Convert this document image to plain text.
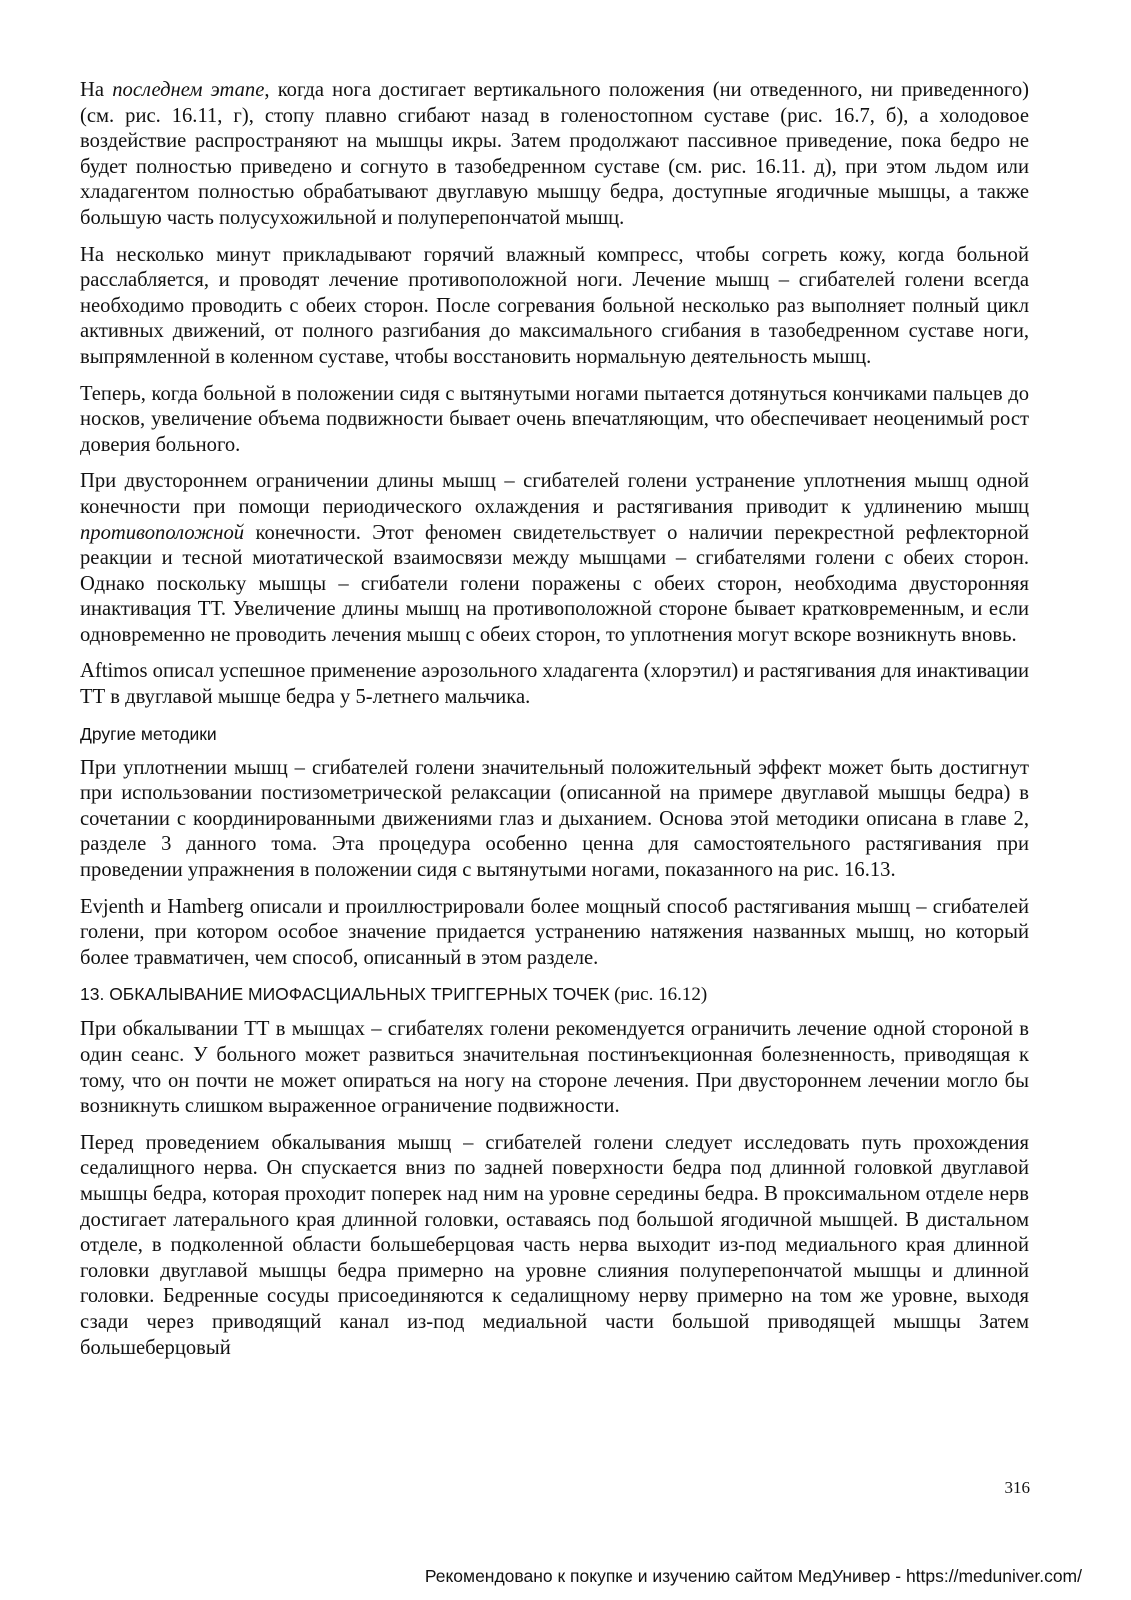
На последнем этапе, когда нога достигает вертикального положения (ни отведенного, ни приведенного) (см. рис. 16.11, г), стопу плавно сгибают назад в голеностопном суставе (рис. 16.7, б), а холодовое воздействие распространяют на мышцы икры. Затем продолжают пассивное приведение, пока бедро не будет полностью приведено и согнуто в тазобедренном суставе (см. рис. 16.11. д), при этом льдом или хладагентом полностью обрабатывают двуглавую мышцу бедра, доступные ягодичные мышцы, а также большую часть полусухожильной и полуперепончатой мышц.

На несколько минут прикладывают горячий влажный компресс, чтобы согреть кожу, когда больной расслабляется, и проводят лечение противоположной ноги. Лечение мышц – сгибателей голени всегда необходимо проводить с обеих сторон. После согревания больной несколько раз выполняет полный цикл активных движений, от полного разгибания до максимального сгибания в тазобедренном суставе ноги, выпрямленной в коленном суставе, чтобы восстановить нормальную деятельность мышц.

Теперь, когда больной в положении сидя с вытянутыми ногами пытается дотянуться кончиками пальцев до носков, увеличение объема подвижности бывает очень впечатляющим, что обеспечивает неоценимый рост доверия больного.

При двустороннем ограничении длины мышц – сгибателей голени устранение уплотнения мышц одной конечности при помощи периодического охлаждения и растягивания приводит к удлинению мышц противоположной конечности. Этот феномен свидетельствует о наличии перекрестной рефлекторной реакции и тесной миотатической взаимосвязи между мышцами – сгибателями голени с обеих сторон. Однако поскольку мышцы – сгибатели голени поражены с обеих сторон, необходима двусторонняя инактивация ТТ. Увеличение длины мышц на противоположной стороне бывает кратковременным, и если одновременно не проводить лечения мышц с обеих сторон, то уплотнения могут вскоре возникнуть вновь.

Aftimos описал успешное применение аэрозольного хладагента (хлорэтил) и растягивания для инактивации ТТ в двуглавой мышце бедра у 5-летнего мальчика.

Другие методики

При уплотнении мышц – сгибателей голени значительный положительный эффект может быть достигнут при использовании постизометрической релаксации (описанной на примере двуглавой мышцы бедра) в сочетании с координированными движениями глаз и дыханием. Основа этой методики описана в главе 2, разделе 3 данного тома. Эта процедура особенно ценна для самостоятельного растягивания при проведении упражнения в положении сидя с вытянутыми ногами, показанного на рис. 16.13.

Evjenth и Hamberg описали и проиллюстрировали более мощный способ растягивания мышц – сгибателей голени, при котором особое значение придается устранению натяжения названных мышц, но который более травматичен, чем способ, описанный в этом разделе.

13. ОБКАЛЫВАНИЕ МИОФАСЦИАЛЬНЫХ ТРИГГЕРНЫХ ТОЧЕК (рис. 16.12)

При обкалывании ТТ в мышцах – сгибателях голени рекомендуется ограничить лечение одной стороной в один сеанс. У больного может развиться значительная постинъекционная болезненность, приводящая к тому, что он почти не может опираться на ногу на стороне лечения. При двустороннем лечении могло бы возникнуть слишком выраженное ограничение подвижности.

Перед проведением обкалывания мышц – сгибателей голени следует исследовать путь прохождения седалищного нерва. Он спускается вниз по задней поверхности бедра под длинной головкой двуглавой мышцы бедра, которая проходит поперек над ним на уровне середины бедра. В проксимальном отделе нерв достигает латерального края длинной головки, оставаясь под большой ягодичной мышцей. В дистальном отделе, в подколенной области большеберцовая часть нерва выходит из-под медиального края длинной головки двуглавой мышцы бедра примерно на уровне слияния полуперепончатой мышцы и длинной головки. Бедренные сосуды присоединяются к седалищному нерву примерно на том же уровне, выходя сзади через приводящий канал из-под медиальной части большой приводящей мышцы Затем большеберцовый

316
Рекомендовано к покупке и изучению сайтом МедУнивер - https://meduniver.com/
